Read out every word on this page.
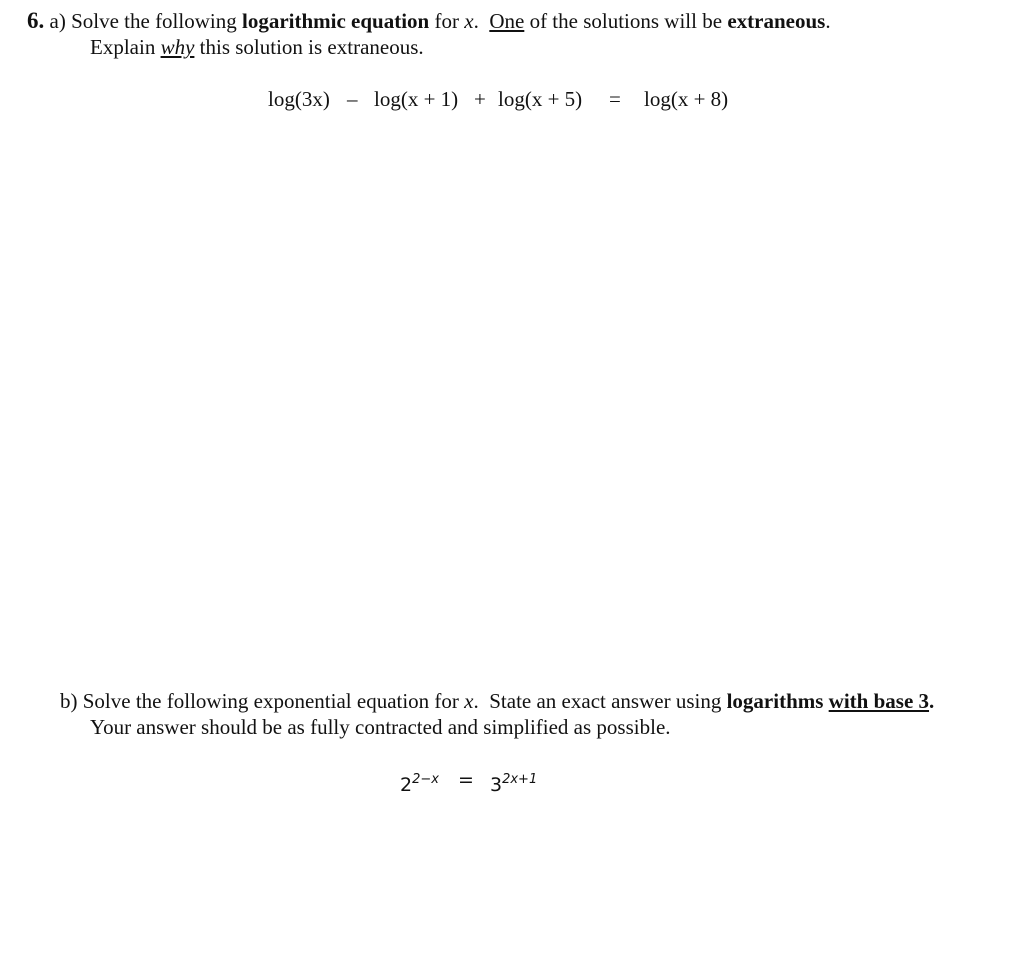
6. a) Solve the following logarithmic equation for x. One of the solutions will be extraneous.
Explain why this solution is extraneous.
log(3x) – log(x + 1) + log(x + 5) = log(x + 8)
b) Solve the following exponential equation for x.  State an exact answer using logarithms with base 3.
Your answer should be as fully contracted and simplified as possible.
$2^{2-x} = 3^{2x+1}$
